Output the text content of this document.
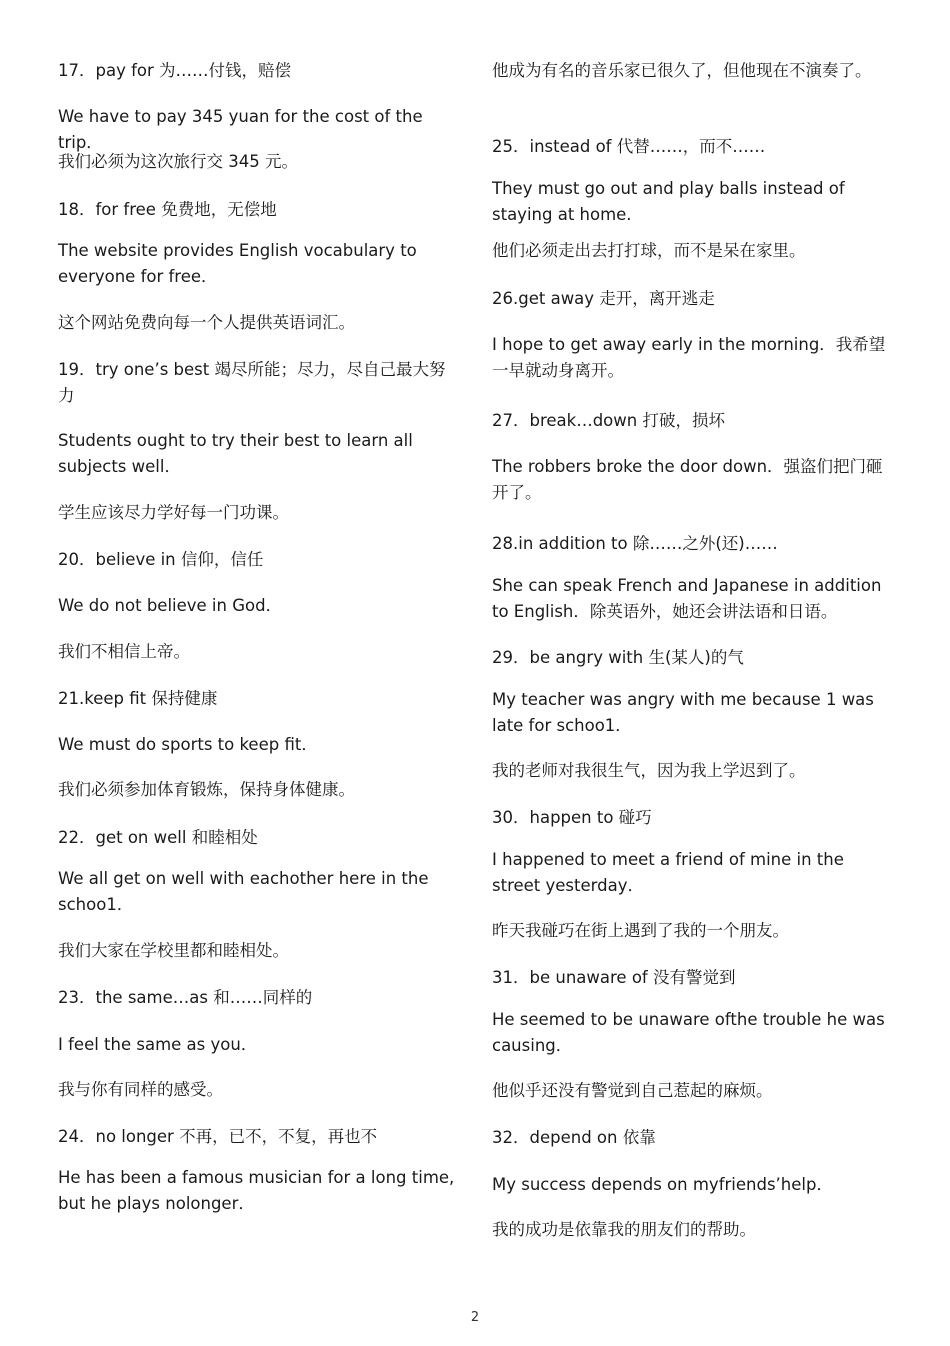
17．pay for 为……付钱，赔偿

We have to pay 345 yuan for the cost of the trip．

我们必须为这次旅行交 345 元。

18．for free 免费地，无偿地

The website provides English vocabulary to everyone for free．

这个网站免费向每一个人提供英语词汇。

19．try one’s best 竭尽所能；尽力，尽自己最大努力

Students ought to try their best to learn all subjects well．

学生应该尽力学好每一门功课。

20．believe in 信仰，信任

We do not believe in God．

我们不相信上帝。

21.keep fit 保持健康

We must do sports to keep fit．

我们必须参加体育锻炼，保持身体健康。

22．get on well 和睦相处

We all get on well with eachother here in the schoo1．

我们大家在学校里都和睦相处。

23．the same…as 和……同样的

I feel the same as you．

我与你有同样的感受。

24．no longer 不再，已不，不复，再也不

He has been a famous musician for a long time, but he plays nolonger．

他成为有名的音乐家已很久了，但他现在不演奏了。

25．instead of 代替……，而不……

They must go out and play balls instead of staying at home.

他们必须走出去打打球，而不是呆在家里。

26.get away 走开，离开逃走

I hope to get away early in the morning．我希望一早就动身离开。

27．break…down 打破，损坏

The robbers broke the door down．强盗们把门砸开了。

28.in addition to 除……之外(还)……

She can speak French and Japanese in addition to English．除英语外，她还会讲法语和日语。

29．be angry with 生(某人)的气

My teacher was angry with me because 1 was late for schoo1．

我的老师对我很生气，因为我上学迟到了。

30．happen to 碰巧

I happened to meet a friend of mine in the street yesterday．

昨天我碰巧在街上遇到了我的一个朋友。

31．be unaware of 没有警觉到

He seemed to be unaware ofthe trouble he was causing．

他似乎还没有警觉到自己惹起的麻烦。

32．depend on 依靠

My success depends on myfriends’help．

我的成功是依靠我的朋友们的帮助。

2
